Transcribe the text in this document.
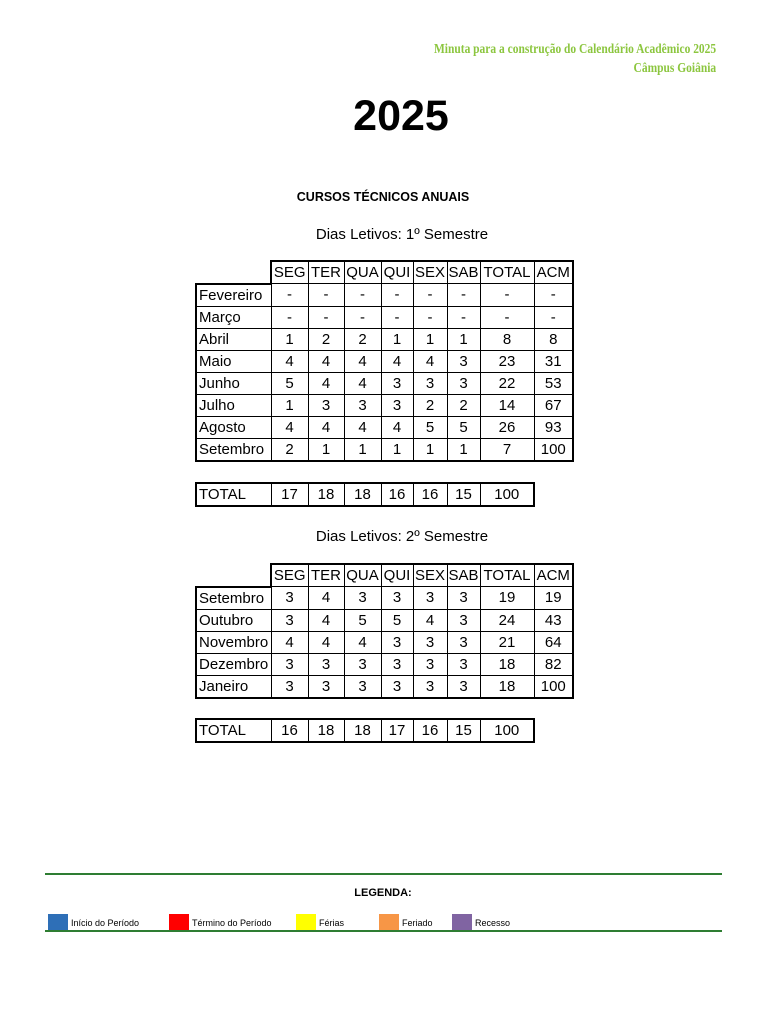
Minuta para a construção do Calendário Acadêmico 2025
Câmpus Goiânia
2025
CURSOS TÉCNICOS ANUAIS
Dias Letivos: 1º Semestre
	SEG	TER	QUA	QUI	SEX	SAB	TOTAL	ACM
Fevereiro	-	-	-	-	-	-	-	-
Março	-	-	-	-	-	-	-	-
Abril	1	2	2	1	1	1	8	8
Maio	4	4	4	4	4	3	23	31
Junho	5	4	4	3	3	3	22	53
Julho	1	3	3	3	2	2	14	67
Agosto	4	4	4	4	5	5	26	93
Setembro	2	1	1	1	1	1	7	100
TOTAL	17	18	18	16	16	15	100
Dias Letivos: 2º Semestre
	SEG	TER	QUA	QUI	SEX	SAB	TOTAL	ACM
Setembro	3	4	3	3	3	3	19	19
Outubro	3	4	5	5	4	3	24	43
Novembro	4	4	4	3	3	3	21	64
Dezembro	3	3	3	3	3	3	18	82
Janeiro	3	3	3	3	3	3	18	100
TOTAL	16	18	18	17	16	15	100
LEGENDA:
Início do Período	Término do Período	Férias	Feriado	Recesso
